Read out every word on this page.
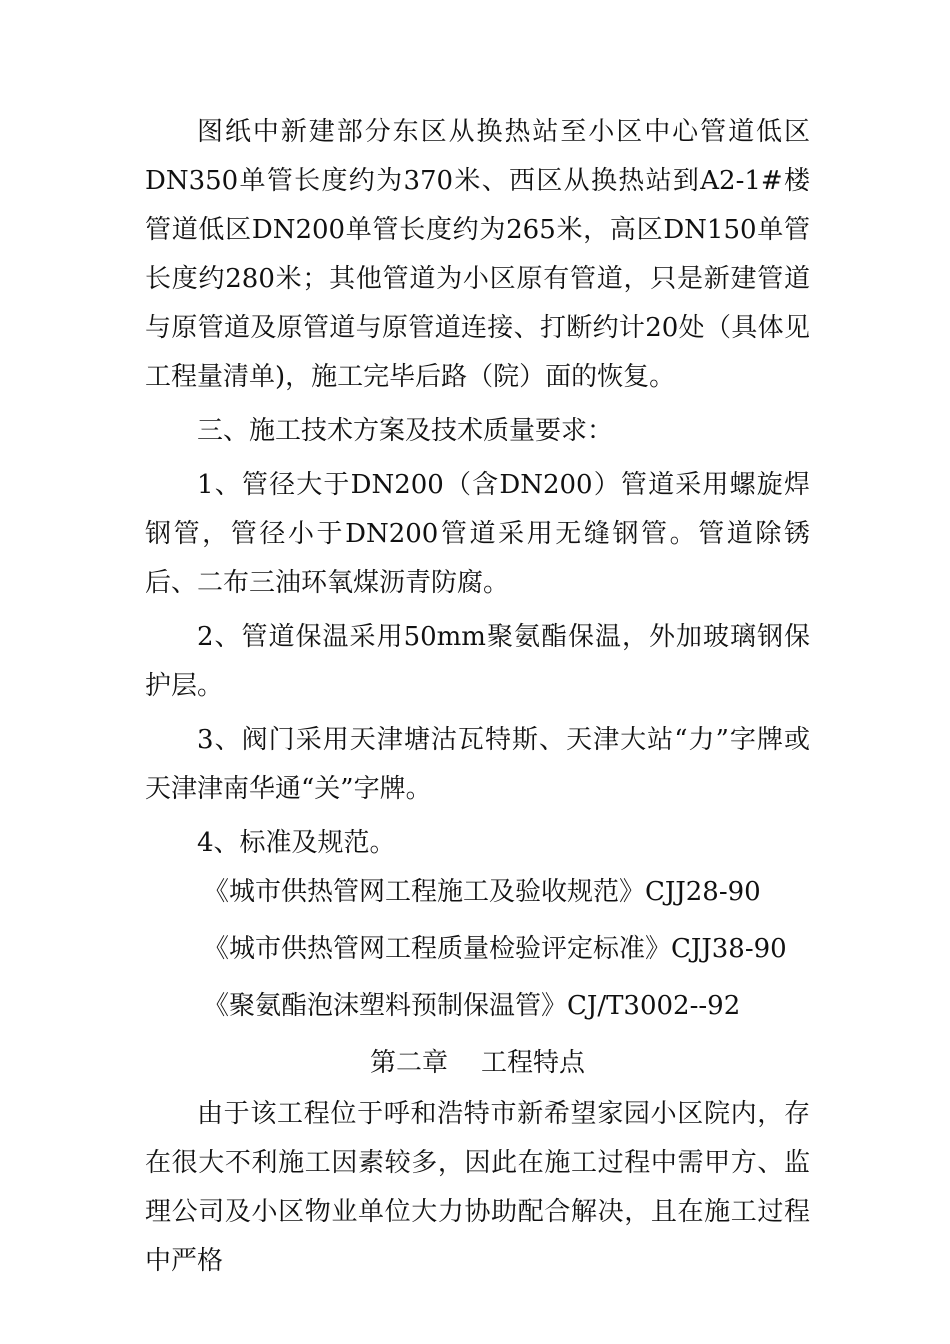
图纸中新建部分东区从换热站至小区中心管道低区DN350单管长度约为370米、西区从换热站到A2-1#楼管道低区DN200单管长度约为265米，高区DN150单管长度约280米；其他管道为小区原有管道，只是新建管道与原管道及原管道与原管道连接、打断约计20处（具体见工程量清单)，施工完毕后路（院）面的恢复。

三、施工技术方案及技术质量要求：

1、管径大于DN200（含DN200）管道采用螺旋焊钢管，管径小于DN200管道采用无缝钢管。管道除锈后、二布三油环氧煤沥青防腐。

2、管道保温采用50mm聚氨酯保温，外加玻璃钢保护层。

3、阀门采用天津塘沽瓦特斯、天津大站“力”字牌或天津津南华通“关”字牌。

4、标准及规范。

《城市供热管网工程施工及验收规范》CJJ28-90

《城市供热管网工程质量检验评定标准》CJJ38-90

《聚氨酯泡沫塑料预制保温管》CJ/T3002--92

第二章    工程特点

由于该工程位于呼和浩特市新希望家园小区院内，存在很大不利施工因素较多，因此在施工过程中需甲方、监理公司及小区物业单位大力协助配合解决，且在施工过程中严格
